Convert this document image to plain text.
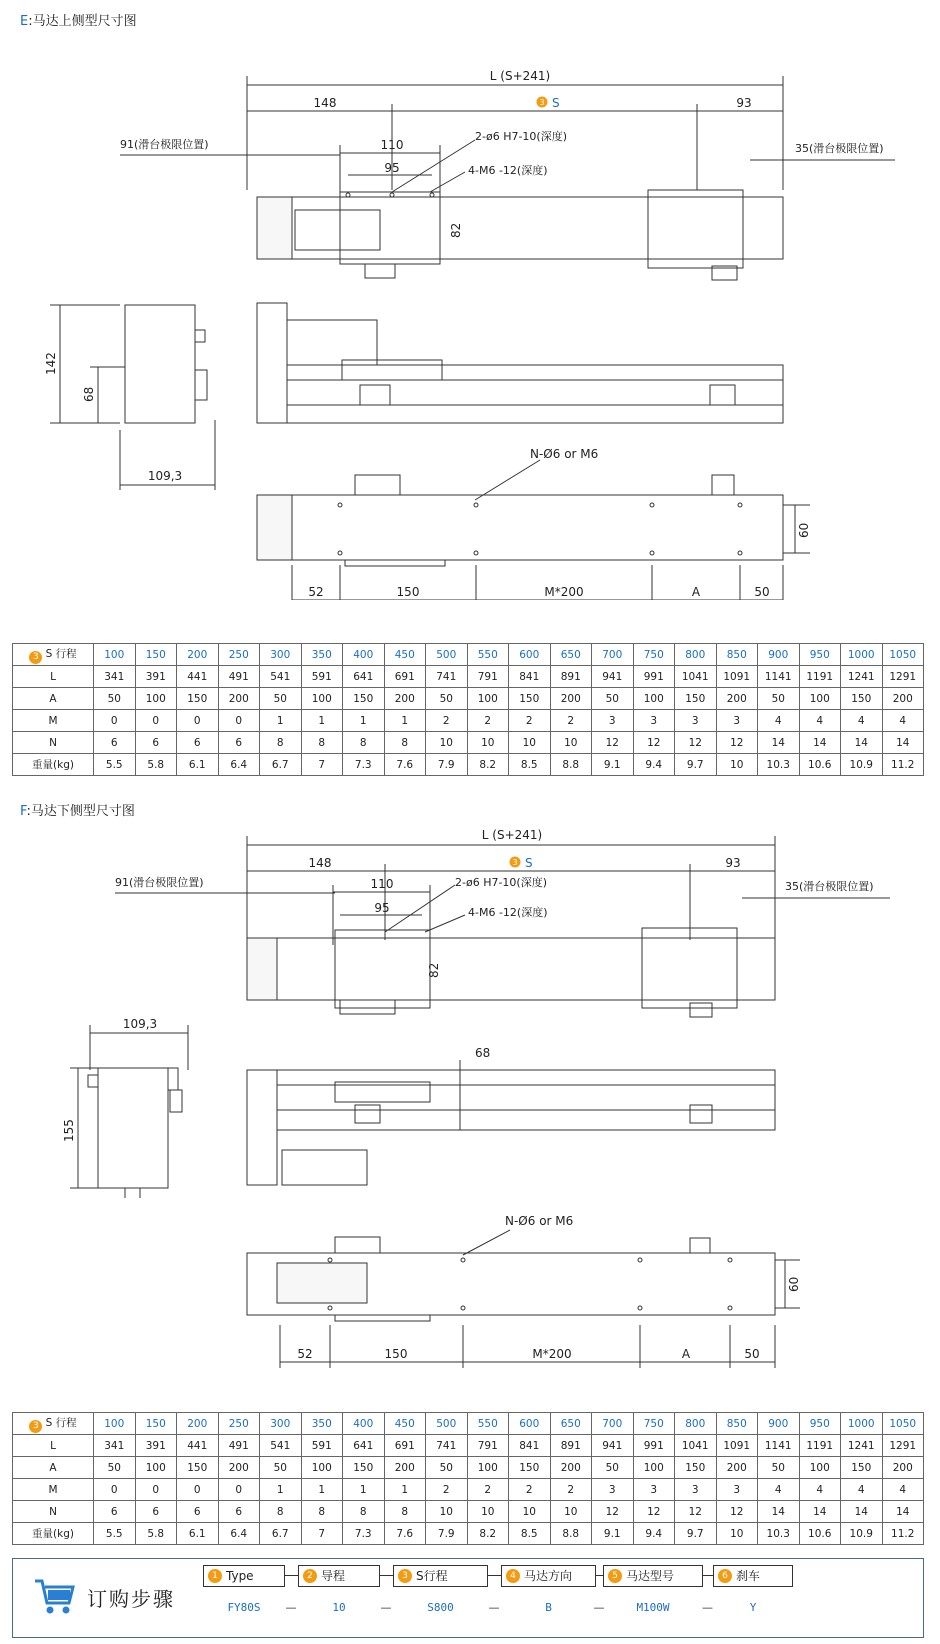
E:马达上侧型尺寸图
L (S+241)
148	3 S	93
91(滑台极限位置)	35(滑台极限位置)
110
95
2-ø6 H7-10(深度)
4-M6 -12(深度)
82
142
68
109,3
N-Ø6 or M6
60
52	150	M*200	A	50
3 S 行程	100	150	200	250	300	350	400	450	500	550	600	650	700	750	800	850	900	950	1000	1050
L	341	391	441	491	541	591	641	691	741	791	841	891	941	991	1041	1091	1141	1191	1241	1291
A	50	100	150	200	50	100	150	200	50	100	150	200	50	100	150	200	50	100	150	200
M	0	0	0	0	1	1	1	1	2	2	2	2	3	3	3	3	4	4	4	4
N	6	6	6	6	8	8	8	8	10	10	10	10	12	12	12	12	14	14	14	14
重量(kg)	5.5	5.8	6.1	6.4	6.7	7	7.3	7.6	7.9	8.2	8.5	8.8	9.1	9.4	9.7	10	10.3	10.6	10.9	11.2
F:马达下侧型尺寸图
L (S+241)
148	3 S	93
91(滑台极限位置)	35(滑台极限位置)
110
95
2-ø6 H7-10(深度)
4-M6 -12(深度)
82
109,3
155
68
N-Ø6 or M6
60
52	150	M*200	A	50
3 S 行程	100	150	200	250	300	350	400	450	500	550	600	650	700	750	800	850	900	950	1000	1050
L	341	391	441	491	541	591	641	691	741	791	841	891	941	991	1041	1091	1141	1191	1241	1291
A	50	100	150	200	50	100	150	200	50	100	150	200	50	100	150	200	50	100	150	200
M	0	0	0	0	1	1	1	1	2	2	2	2	3	3	3	3	4	4	4	4
N	6	6	6	6	8	8	8	8	10	10	10	10	12	12	12	12	14	14	14	14
重量(kg)	5.5	5.8	6.1	6.4	6.7	7	7.3	7.6	7.9	8.2	8.5	8.8	9.1	9.4	9.7	10	10.3	10.6	10.9	11.2
订购步骤
1 Type
FY80S	—
2 导程
10	—
3 S行程
S800	—
4 马达方向
B	—
5 马达型号
M100W	—
6 刹车
Y
